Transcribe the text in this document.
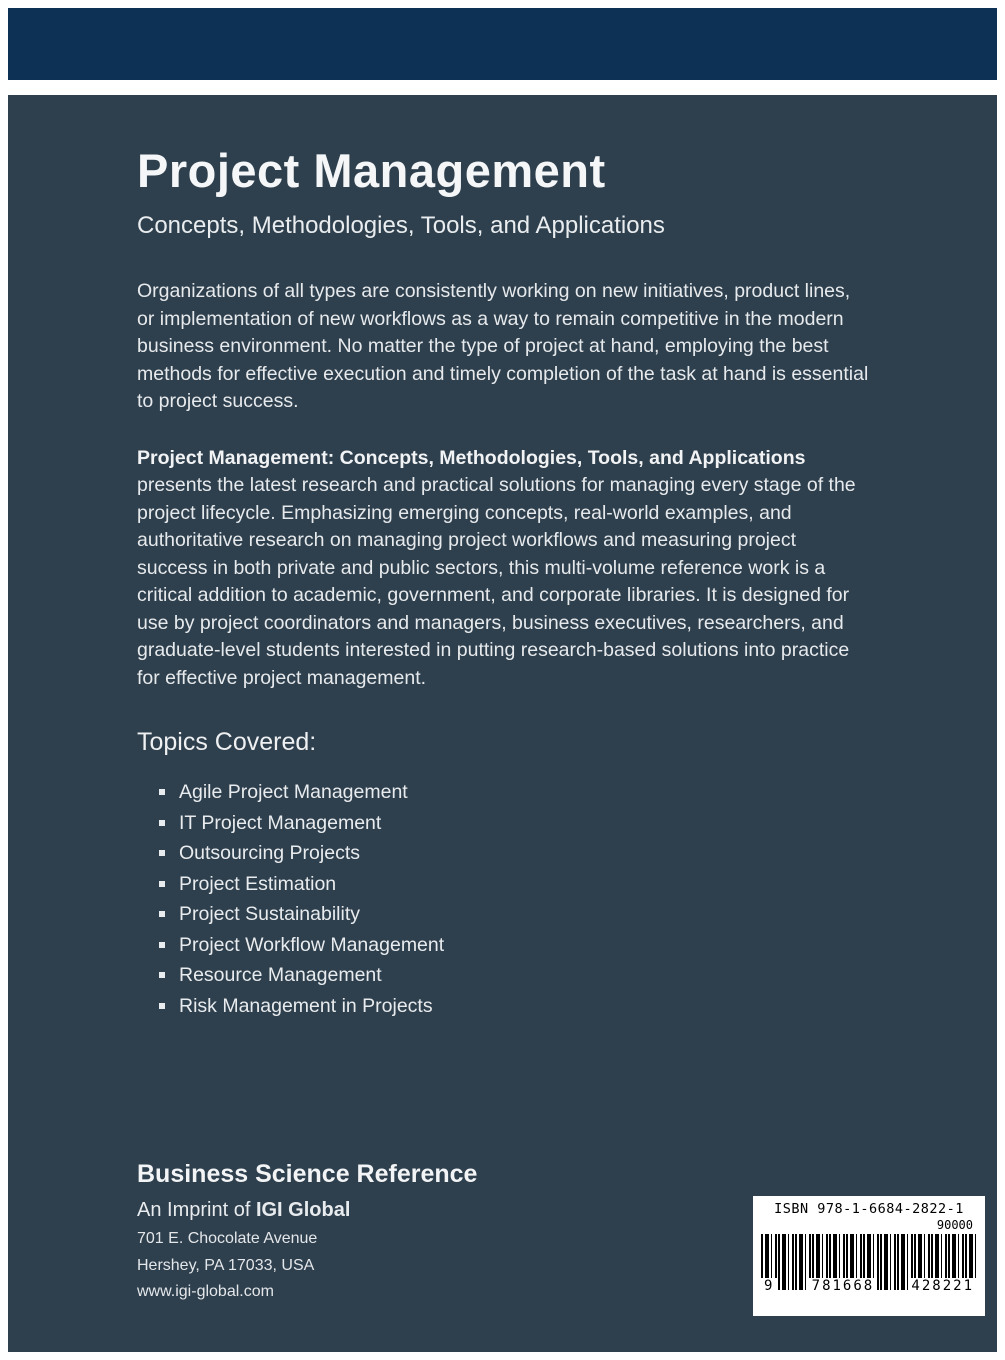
Project Management
Concepts, Methodologies, Tools, and Applications

Organizations of all types are consistently working on new initiatives, product lines, or implementation of new workflows as a way to remain competitive in the modern business environment. No matter the type of project at hand, employing the best methods for effective execution and timely completion of the task at hand is essential to project success.

Project Management: Concepts, Methodologies, Tools, and Applications presents the latest research and practical solutions for managing every stage of the project lifecycle. Emphasizing emerging concepts, real-world examples, and authoritative research on managing project workflows and measuring project success in both private and public sectors, this multi-volume reference work is a critical addition to academic, government, and corporate libraries. It is designed for use by project coordinators and managers, business executives, researchers, and graduate-level students interested in putting research-based solutions into practice for effective project management.

Topics Covered:
Agile Project Management
IT Project Management
Outsourcing Projects
Project Estimation
Project Sustainability
Project Workflow Management
Resource Management
Risk Management in Projects

Business Science Reference

An Imprint of IGI Global

701 E. Chocolate Avenue

Hershey, PA 17033, USA

www.igi-global.com

ISBN 978-1-6684-2822-1
90000
9	781668	428221
